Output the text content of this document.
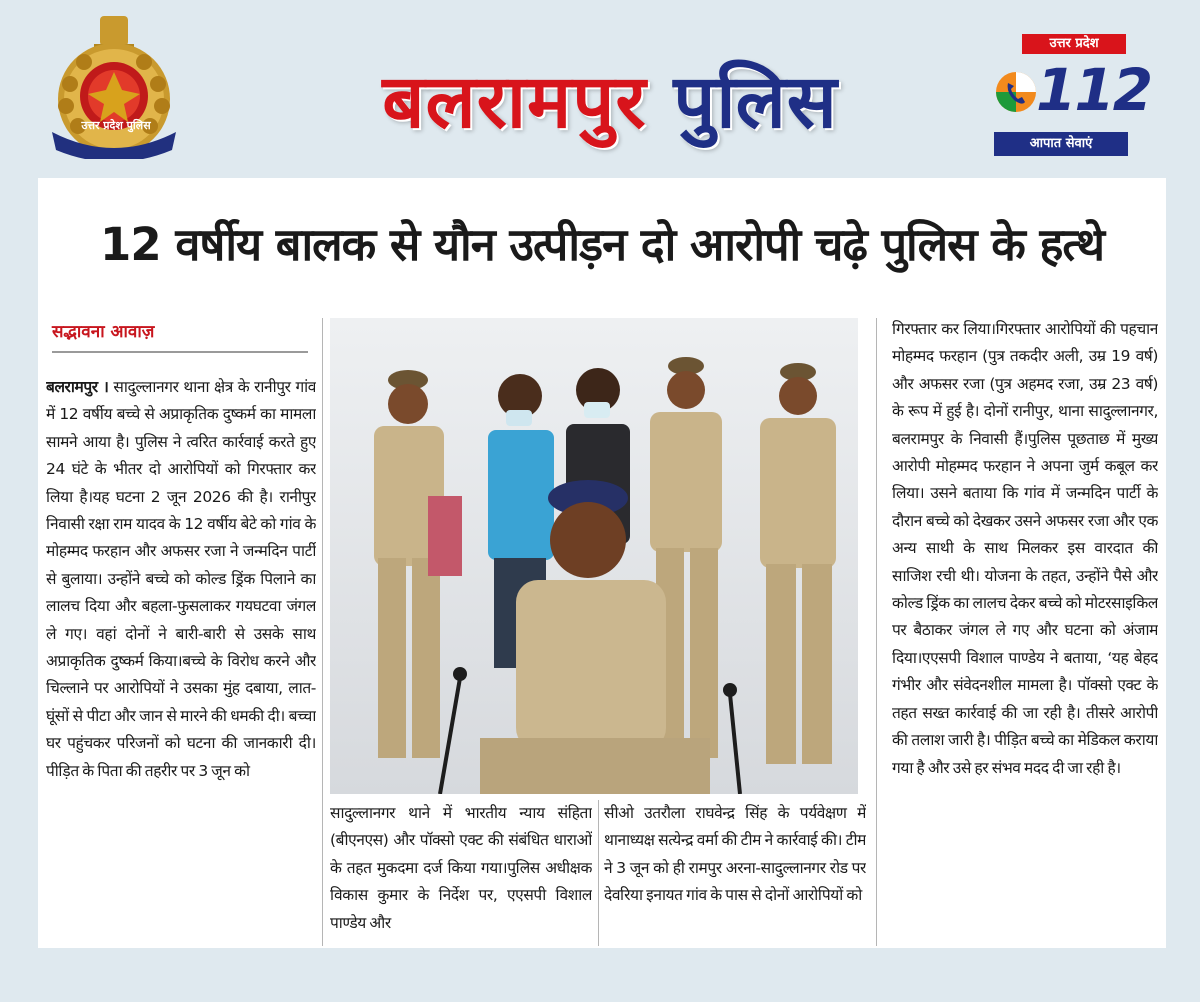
उत्तर प्रदेश पुलिस	बलरामपुर पुलिस
उत्तर प्रदेश
112
आपात सेवाएं
12 वर्षीय बालक से यौन उत्पीड़न दो आरोपी चढ़े पुलिस के हत्थे
सद्भावना आवाज़
बलरामपुर । सादुल्लानगर थाना क्षेत्र के रानीपुर गांव में 12 वर्षीय बच्चे से अप्राकृतिक दुष्कर्म का मामला सामने आया है। पुलिस ने त्वरित कार्रवाई करते हुए 24 घंटे के भीतर दो आरोपियों को गिरफ्तार कर लिया है।यह घटना 2 जून 2026 की है। रानीपुर निवासी रक्षा राम यादव के 12 वर्षीय बेटे को गांव के मोहम्मद फरहान और अफसर रजा ने जन्मदिन पार्टी से बुलाया। उन्होंने बच्चे को कोल्ड ड्रिंक पिलाने का लालच दिया और बहला-फुसलाकर गयघटवा जंगल ले गए। वहां दोनों ने बारी-बारी से उसके साथ अप्राकृतिक दुष्कर्म किया।बच्चे के विरोध करने और चिल्लाने पर आरोपियों ने उसका मुंह दबाया, लात-घूंसों से पीटा और जान से मारने की धमकी दी। बच्चा घर पहुंचकर परिजनों को घटना की जानकारी दी।पीड़ित के पिता की तहरीर पर 3 जून को
सादुल्लानगर थाने में भारतीय न्याय संहिता (बीएनएस) और पॉक्सो एक्ट की संबंधित धाराओं के तहत मुकदमा दर्ज किया गया।पुलिस अधीक्षक विकास कुमार के निर्देश पर, एएसपी विशाल पाण्डेय और
सीओ उतरौला राघवेन्द्र सिंह के पर्यवेक्षण में थानाध्यक्ष सत्येन्द्र वर्मा की टीम ने कार्रवाई की। टीम ने 3 जून को ही रामपुर अरना-सादुल्लानगर रोड पर देवरिया इनायत गांव के पास से दोनों आरोपियों को
गिरफ्तार कर लिया।गिरफ्तार आरोपियों की पहचान मोहम्मद फरहान (पुत्र तकदीर अली, उम्र 19 वर्ष) और अफसर रजा (पुत्र अहमद रजा, उम्र 23 वर्ष) के रूप में हुई है। दोनों रानीपुर, थाना सादुल्लानगर, बलरामपुर के निवासी हैं।पुलिस पूछताछ में मुख्य आरोपी मोहम्मद फरहान ने अपना जुर्म कबूल कर लिया। उसने बताया कि गांव में जन्मदिन पार्टी के दौरान बच्चे को देखकर उसने अफसर रजा और एक अन्य साथी के साथ मिलकर इस वारदात की साजिश रची थी। योजना के तहत, उन्होंने पैसे और कोल्ड ड्रिंक का लालच देकर बच्चे को मोटरसाइकिल पर बैठाकर जंगल ले गए और घटना को अंजाम दिया।एएसपी विशाल पाण्डेय ने बताया, ‘यह बेहद गंभीर और संवेदनशील मामला है। पॉक्सो एक्ट के तहत सख्त कार्रवाई की जा रही है। तीसरे आरोपी की तलाश जारी है। पीड़ित बच्चे का मेडिकल कराया गया है और उसे हर संभव मदद दी जा रही है।
